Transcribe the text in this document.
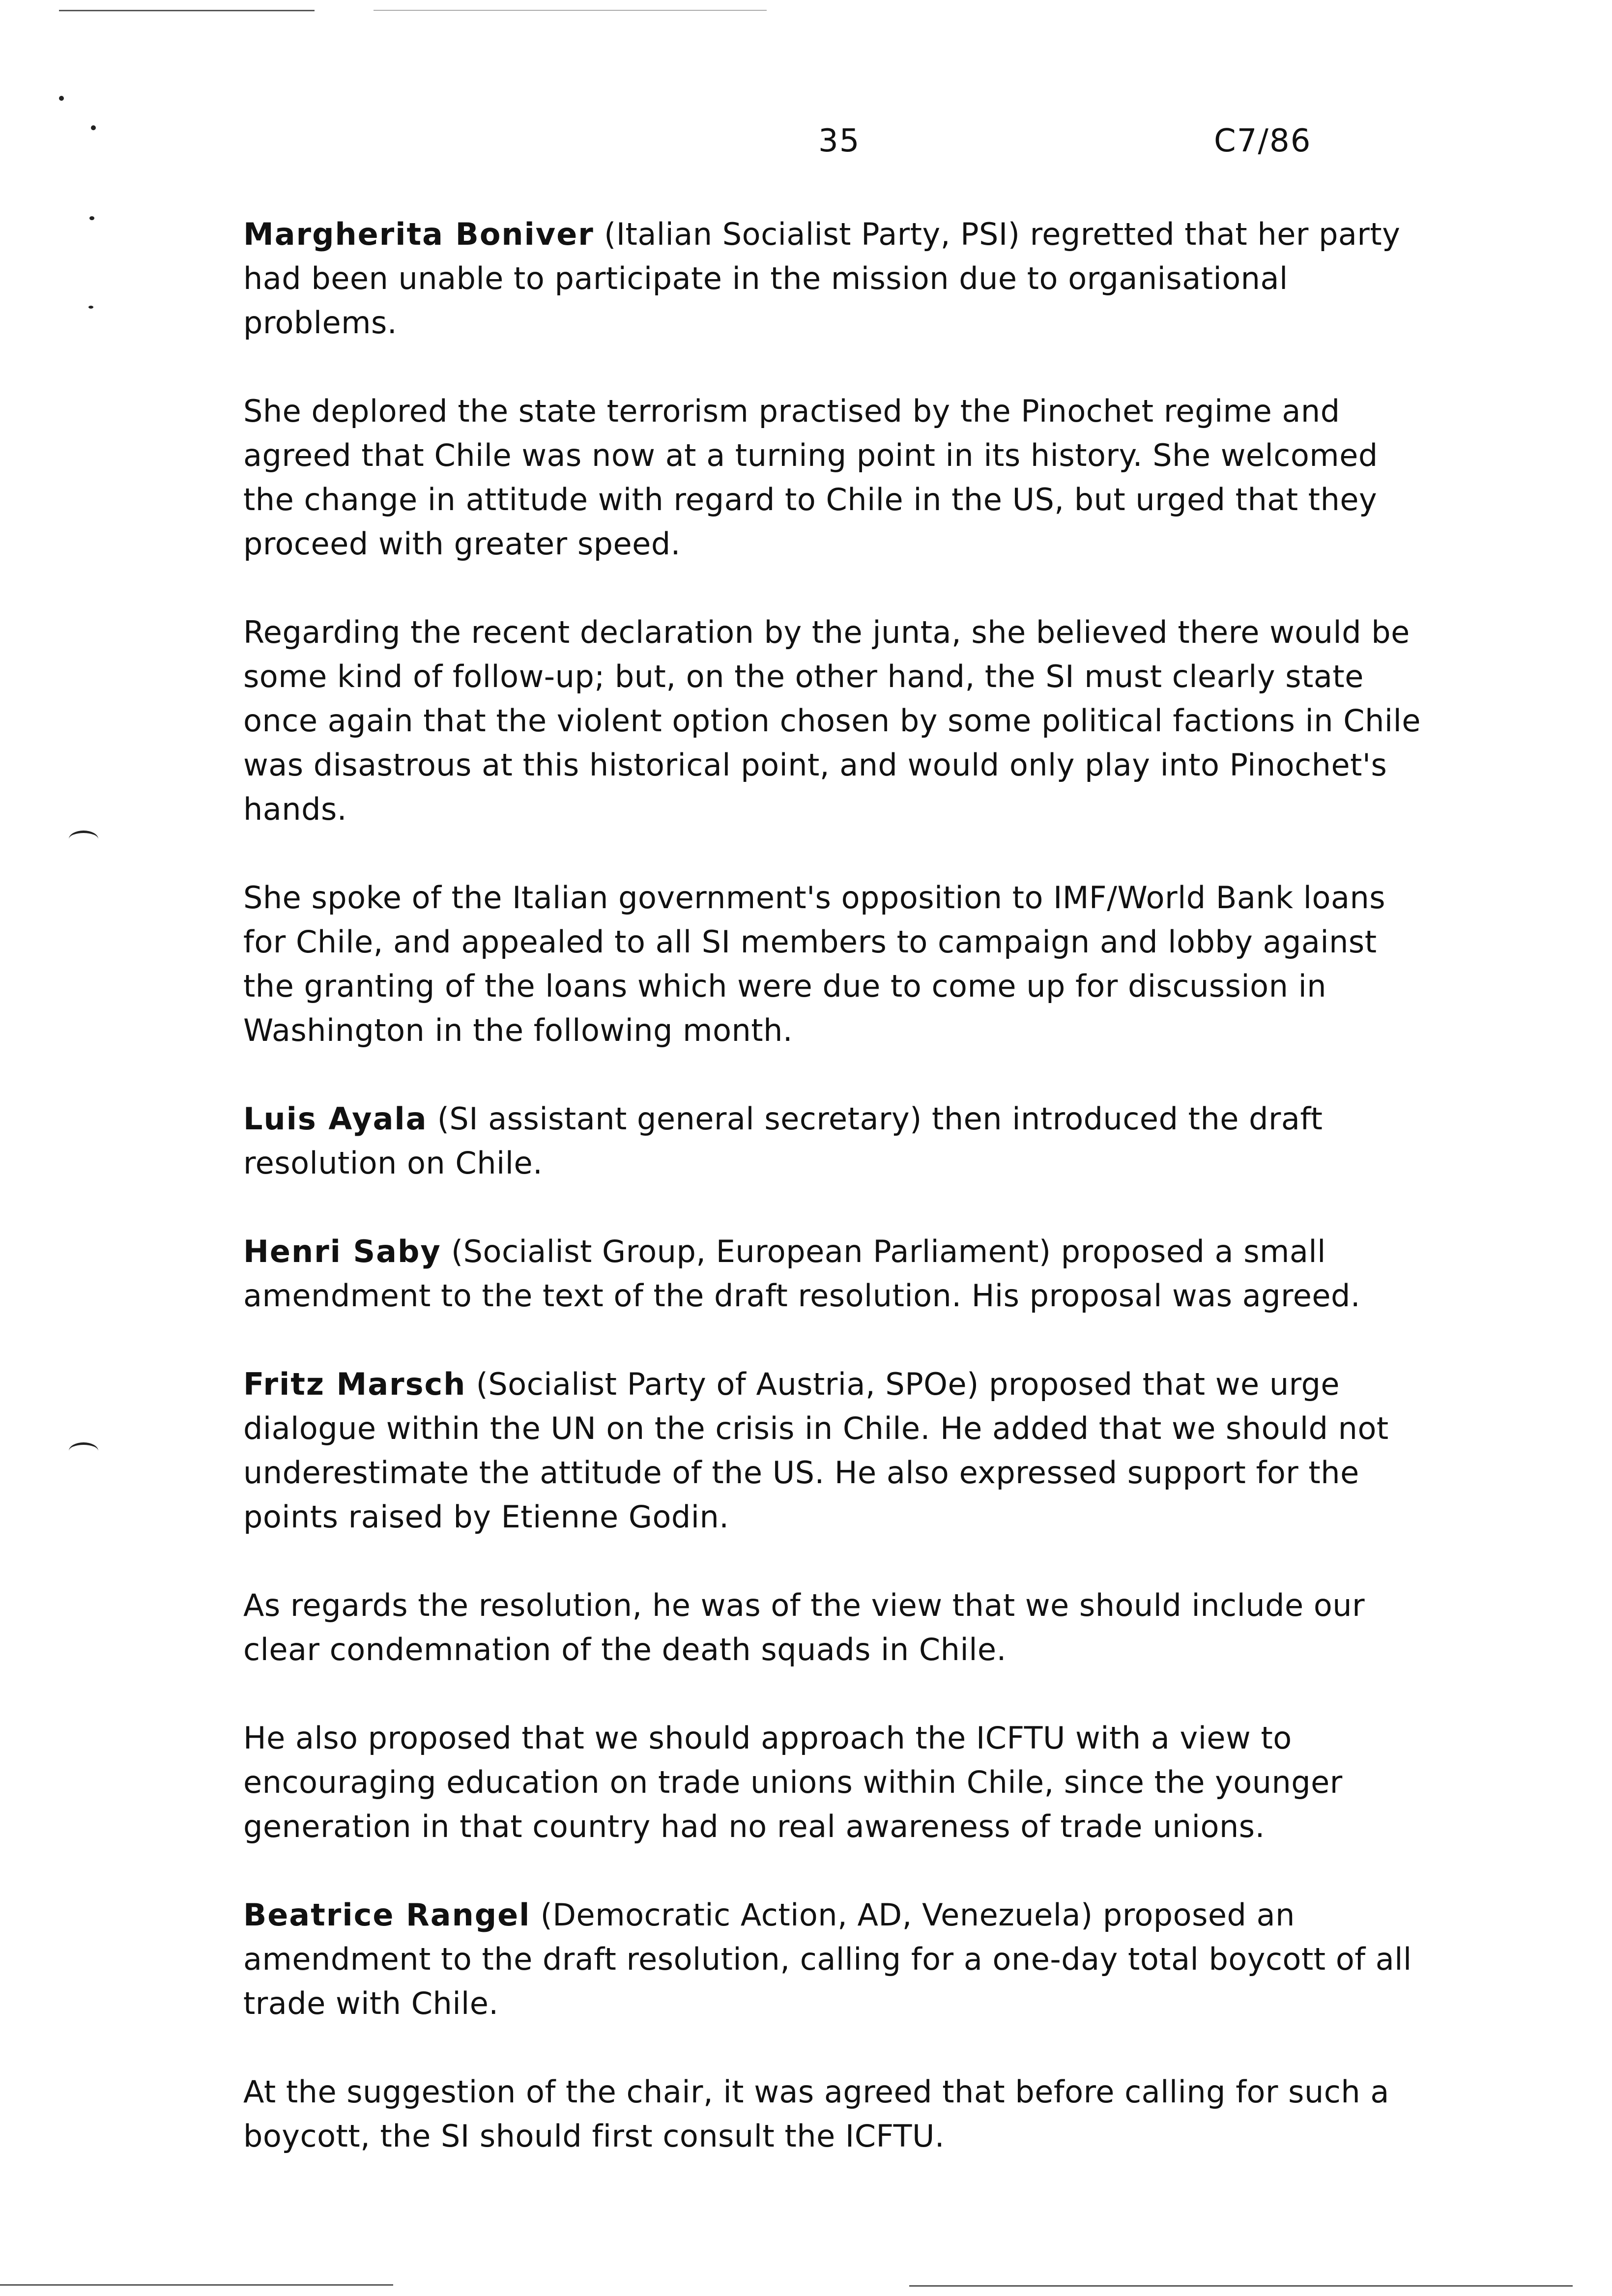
35	C7/86

Margherita Boniver (Italian Socialist Party, PSI) regretted that her party had been unable to participate in the mission due to organisational problems.

She deplored the state terrorism practised by the Pinochet regime and agreed that Chile was now at a turning point in its history. She welcomed the change in attitude with regard to Chile in the US, but urged that they proceed with greater speed.

Regarding the recent declaration by the junta, she believed there would be some kind of follow-up; but, on the other hand, the SI must clearly state once again that the violent option chosen by some political factions in Chile was disastrous at this historical point, and would only play into Pinochet's hands.

She spoke of the Italian government's opposition to IMF/World Bank loans for Chile, and appealed to all SI members to campaign and lobby against the granting of the loans which were due to come up for discussion in Washington in the following month.

Luis Ayala (SI assistant general secretary) then introduced the draft resolution on Chile.

Henri Saby (Socialist Group, European Parliament) proposed a small amendment to the text of the draft resolution. His proposal was agreed.

Fritz Marsch (Socialist Party of Austria, SPOe) proposed that we urge dialogue within the UN on the crisis in Chile. He added that we should not underestimate the attitude of the US. He also expressed support for the points raised by Etienne Godin.

As regards the resolution, he was of the view that we should include our clear condemnation of the death squads in Chile.

He also proposed that we should approach the ICFTU with a view to encouraging education on trade unions within Chile, since the younger generation in that country had no real awareness of trade unions.

Beatrice Rangel (Democratic Action, AD, Venezuela) proposed an amendment to the draft resolution, calling for a one-day total boycott of all trade with Chile.

At the suggestion of the chair, it was agreed that before calling for such a boycott, the SI should first consult the ICFTU.
